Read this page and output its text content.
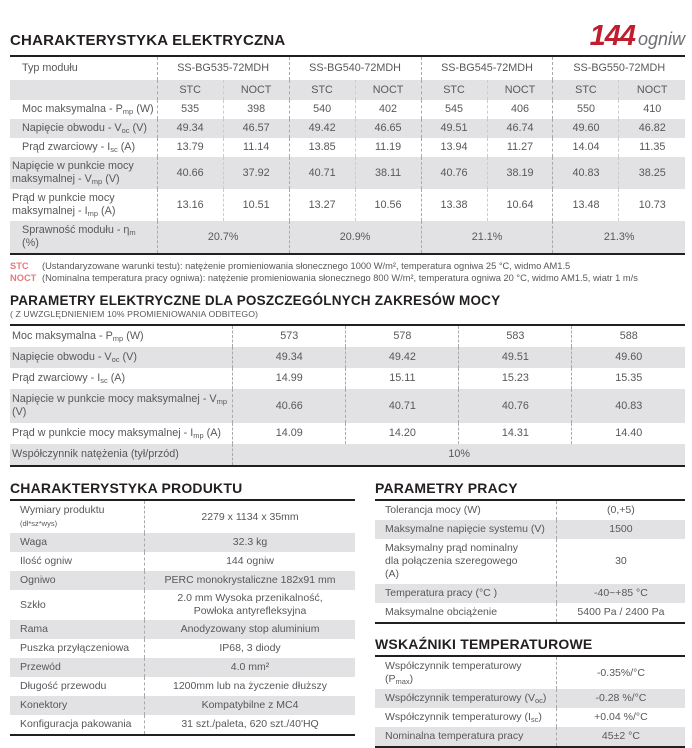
CHARAKTERYSTYKA ELEKTRYCZNA	144 ogniw
Typ modułu	SS-BG535-72MDH		SS-BG540-72MDH		SS-BG545-72MDH		SS-BG550-72MDH	
	STC	NOCT	STC	NOCT	STC	NOCT	STC	NOCT
Moc maksymalna - Pmp (W)	535	398	540	402	545	406	550	410
Napięcie obwodu - Voc (V)	49.34	46.57	49.42	46.65	49.51	46.74	49.60	46.82
Prąd zwarciowy - Isc (A)	13.79	11.14	13.85	11.19	13.94	11.27	14.04	11.35
Napięcie w punkcie mocy maksymalnej - Vmp (V)	40.66	37.92	40.71	38.11	40.76	38.19	40.83	38.25
Prąd w punkcie mocy maksymalnej - Imp (A)	13.16	10.51	13.27	10.56	13.38	10.64	13.48	10.73
Sprawność modułu - ηm (%)	20.7%		20.9%		21.1%		21.3%	
STC	(Ustandaryzowane warunki testu): natężenie promieniowania słonecznego 1000 W/m², temperatura ogniwa 25 °C, widmo AM1.5
NOCT (Nominalna temperatura pracy ogniwa): natężenie promieniowania słonecznego 800 W/m², temperatura ogniwa 20 °C, widmo AM1.5, wiatr 1 m/s
PARAMETRY ELEKTRYCZNE DLA POSZCZEGÓLNYCH ZAKRESÓW MOCY
( Z UWZGLĘDNIENIEM 10% PROMIENIOWANIA ODBITEGO)
Moc maksymalna - Pmp (W)	573	578	583	588
Napięcie obwodu - Voc (V)	49.34	49.42	49.51	49.60
Prąd zwarciowy - Isc (A)	14.99	15.11	15.23	15.35
Napięcie w punkcie mocy maksymalnej - Vmp (V)	40.66	40.71	40.76	40.83
Prąd w punkcie mocy maksymalnej - Imp (A)	14.09	14.20	14.31	14.40
Współczynnik natężenia (tył/przód)	10%			
CHARAKTERYSTYKA PRODUKTU
Wymiary produktu (dł*sz*wys)	2279 x 1134 x 35mm
Waga	32.3 kg
Ilość ogniw	144 ogniw
Ogniwo	PERC monokrystaliczne 182x91 mm
Szkło	2.0 mm Wysoka przenikalność, Powłoka antyrefleksyjna
Rama	Anodyzowany stop aluminium
Puszka przyłączeniowa	IP68, 3 diody
Przewód	4.0 mm²
Długość przewodu	1200mm lub na życzenie dłuższy
Konektory	Kompatybilne z MC4
Konfiguracja pakowania	31 szt./paleta, 620 szt./40'HQ
PARAMETRY PRACY
Tolerancja mocy (W)	(0,+5)
Maksymalne napięcie systemu (V)	1500
Maksymalny prąd nominalny dla połączenia szeregowego (A)	30
Temperatura pracy (°C )	-40~+85 °C
Maksymalne obciążenie	5400 Pa / 2400 Pa
WSKAŹNIKI TEMPERATUROWE
Współczynnik temperaturowy (Pmax)	-0.35%/°C
Współczynnik temperaturowy (Voc)	-0.28 %/°C
Współczynnik temperaturowy (Isc)	+0.04 %/°C
Nominalna temperatura pracy	45±2 °C
